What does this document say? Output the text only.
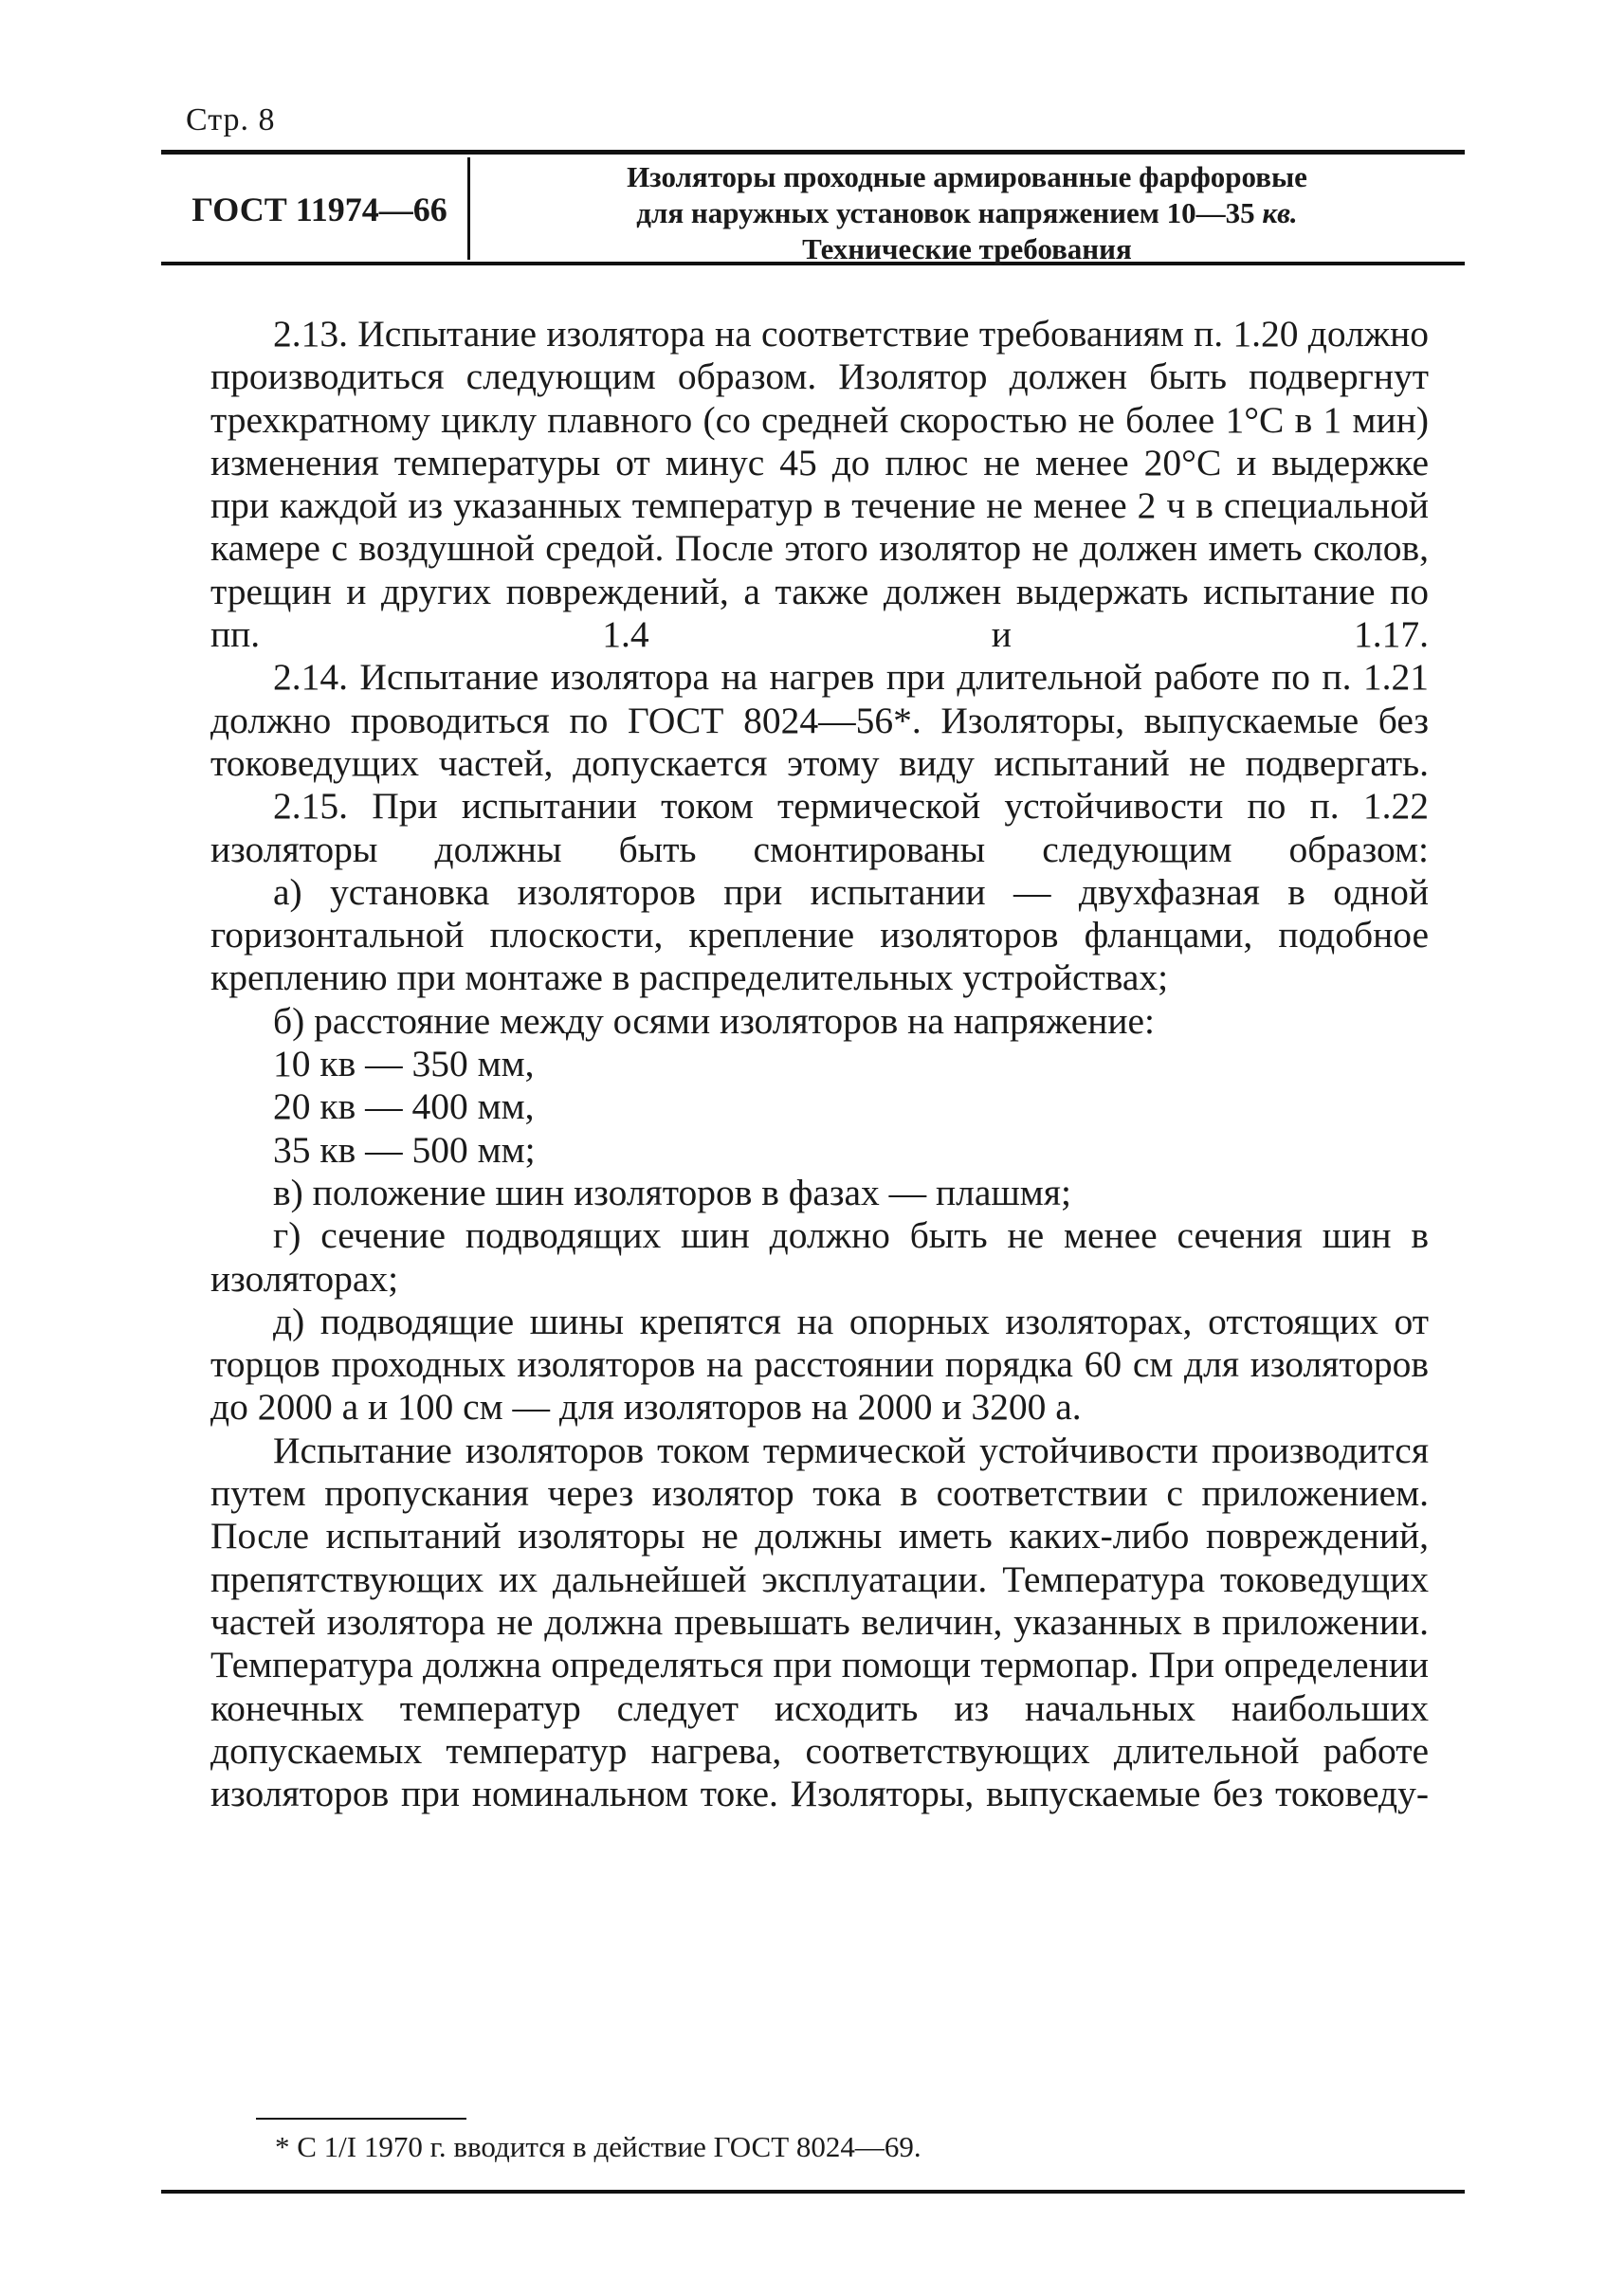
Стр. 8
ГОСТ 11974—66
Изоляторы проходные армированные фарфоровые
для наружных установок напряжением 10—35 кв.
Технические требования
2.13. Испытание изолятора на соответствие требованиям п. 1.20 должно производиться следующим образом. Изолятор должен быть подвергнут трехкратному циклу плавного (со средней скоростью не более 1°C в 1 мин) изменения температуры от минус 45 до плюс не менее 20°C и выдержке при каждой из указанных температур в течение не менее 2 ч в специальной камере с воздушной средой. После этого изолятор не должен иметь сколов, трещин и других повреждений, а также должен выдержать испытание по пп. 1.4 и 1.17.
2.14. Испытание изолятора на нагрев при длительной работе по п. 1.21 должно проводиться по ГОСТ 8024—56*. Изоляторы, выпускаемые без токоведущих частей, допускается этому виду испытаний не подвергать.
2.15. При испытании током термической устойчивости по п. 1.22 изоляторы должны быть смонтированы следующим образом:
а) установка изоляторов при испытании — двухфазная в одной горизонтальной плоскости, крепление изоляторов фланцами, подобное креплению при монтаже в распределительных устройствах;
б) расстояние между осями изоляторов на напряжение:
10 кв — 350 мм,
20 кв — 400 мм,
35 кв — 500 мм;
в) положение шин изоляторов в фазах — плашмя;
г) сечение подводящих шин должно быть не менее сечения шин в изоляторах;
д) подводящие шины крепятся на опорных изоляторах, отстоящих от торцов проходных изоляторов на расстоянии порядка 60 см для изоляторов до 2000 а и 100 см — для изоляторов на 2000 и 3200 а.
Испытание изоляторов током термической устойчивости производится путем пропускания через изолятор тока в соответствии с приложением. После испытаний изоляторы не должны иметь каких-либо повреждений, препятствующих их дальнейшей эксплуатации. Температура токоведущих частей изолятора не должна превышать величин, указанных в приложении. Температура должна определяться при помощи термопар. При определении конечных температур следует исходить из начальных наибольших допускаемых температур нагрева, соответствующих длительной работе изоляторов при номинальном токе. Изоляторы, выпускаемые без токоведу-
* С 1/I 1970 г. вводится в действие ГОСТ 8024—69.
